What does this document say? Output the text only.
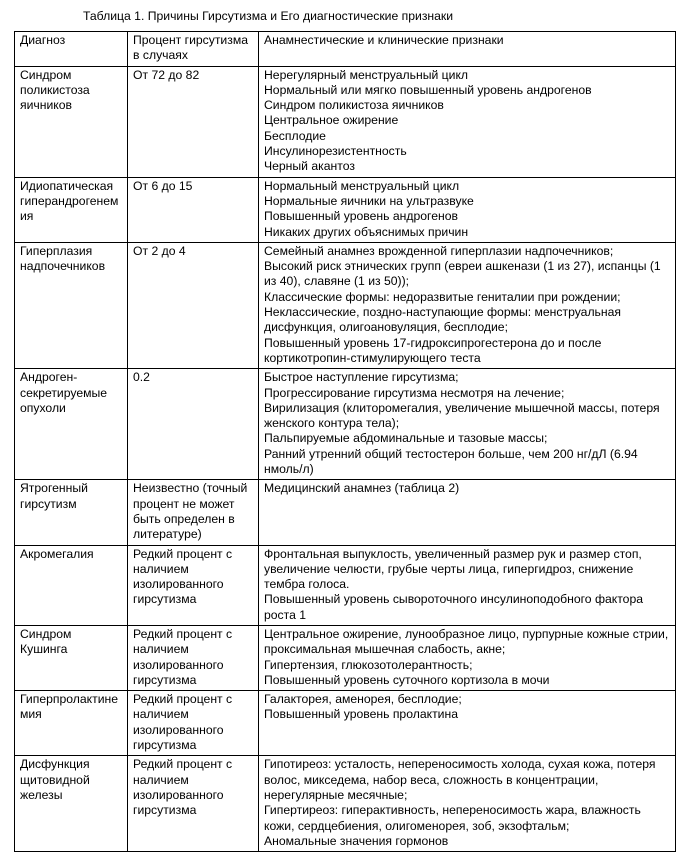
Таблица 1. Причины Гирсутизма и Его диагностические признаки
Диагноз	Процент гирсутизма в случаях	Анамнестические и клинические признаки
Синдром поликистоза яичников	От 72 до 82	Нерегулярный менструальный цикл
Нормальный или мягко повышенный уровень андрогенов
Синдром поликистоза яичников
Центральное ожирение
Бесплодие
Инсулинорезистентность
Черный акантоз

Идиопатическая гиперандрогенемия	От 6 до 15	Нормальный менструальный цикл
Нормальные яичники на ультразвуке
Повышенный уровень андрогенов
Никаких других объяснимых причин

Гиперплазия надпочечников	От 2 до 4	Семейный анамнез врожденной гиперплазии надпочечников;
Высокий риск этнических групп (евреи ашкенази (1 из 27), испанцы (1 из 40), славяне (1 из 50));
Классические формы: недоразвитые гениталии при рождении;
Неклассические, поздно-наступающие формы: менструальная дисфункция, олигоановуляция, бесплодие;
Повышенный уровень 17-гидроксипрогестерона до и после кортикотропин-стимулирующего теста

Андроген-секретируемые опухоли	0.2	Быстрое наступление гирсутизма;
Прогрессирование гирсутизма несмотря на лечение;
Вирилизация (клиторомегалия, увеличение мышечной массы, потеря женского контура тела);
Пальпируемые абдоминальные и тазовые массы;
Ранний утренний общий тестостерон больше, чем 200 нг/дЛ (6.94 нмоль/л)

Ятрогенный гирсутизм	Неизвестно (точный процент не может быть определен в литературе)	Медицинский анамнез (таблица 2)

Акромегалия	Редкий процент с наличием изолированного гирсутизма	Фронтальная выпуклость, увеличенный размер рук и размер стоп, увеличение челюсти, грубые черты лица, гипергидроз, снижение тембра голоса.
Повышенный уровень сывороточного инсулиноподобного фактора роста 1

Синдром Кушинга	Редкий процент с наличием изолированного гирсутизма	Центральное ожирение, лунообразное лицо, пурпурные кожные стрии, проксимальная мышечная слабость, акне;
Гипертензия, глюкозотолерантность;
Повышенный уровень суточного кортизола в мочи

Гиперпролактинемия	Редкий процент с наличием изолированного гирсутизма	Галакторея, аменорея, бесплодие;
Повышенный уровень пролактина

Дисфункция щитовидной железы	Редкий процент с наличием изолированного гирсутизма	Гипотиреоз: усталость, непереносимость холода, сухая кожа, потеря волос, микседема, набор веса, сложность в концентрации, нерегулярные месячные;
Гипертиреоз: гиперактивность, непереносимость жара, влажность кожи, сердцебиения, олигоменорея, зоб, экзофтальм;
Аномальные значения гормонов
